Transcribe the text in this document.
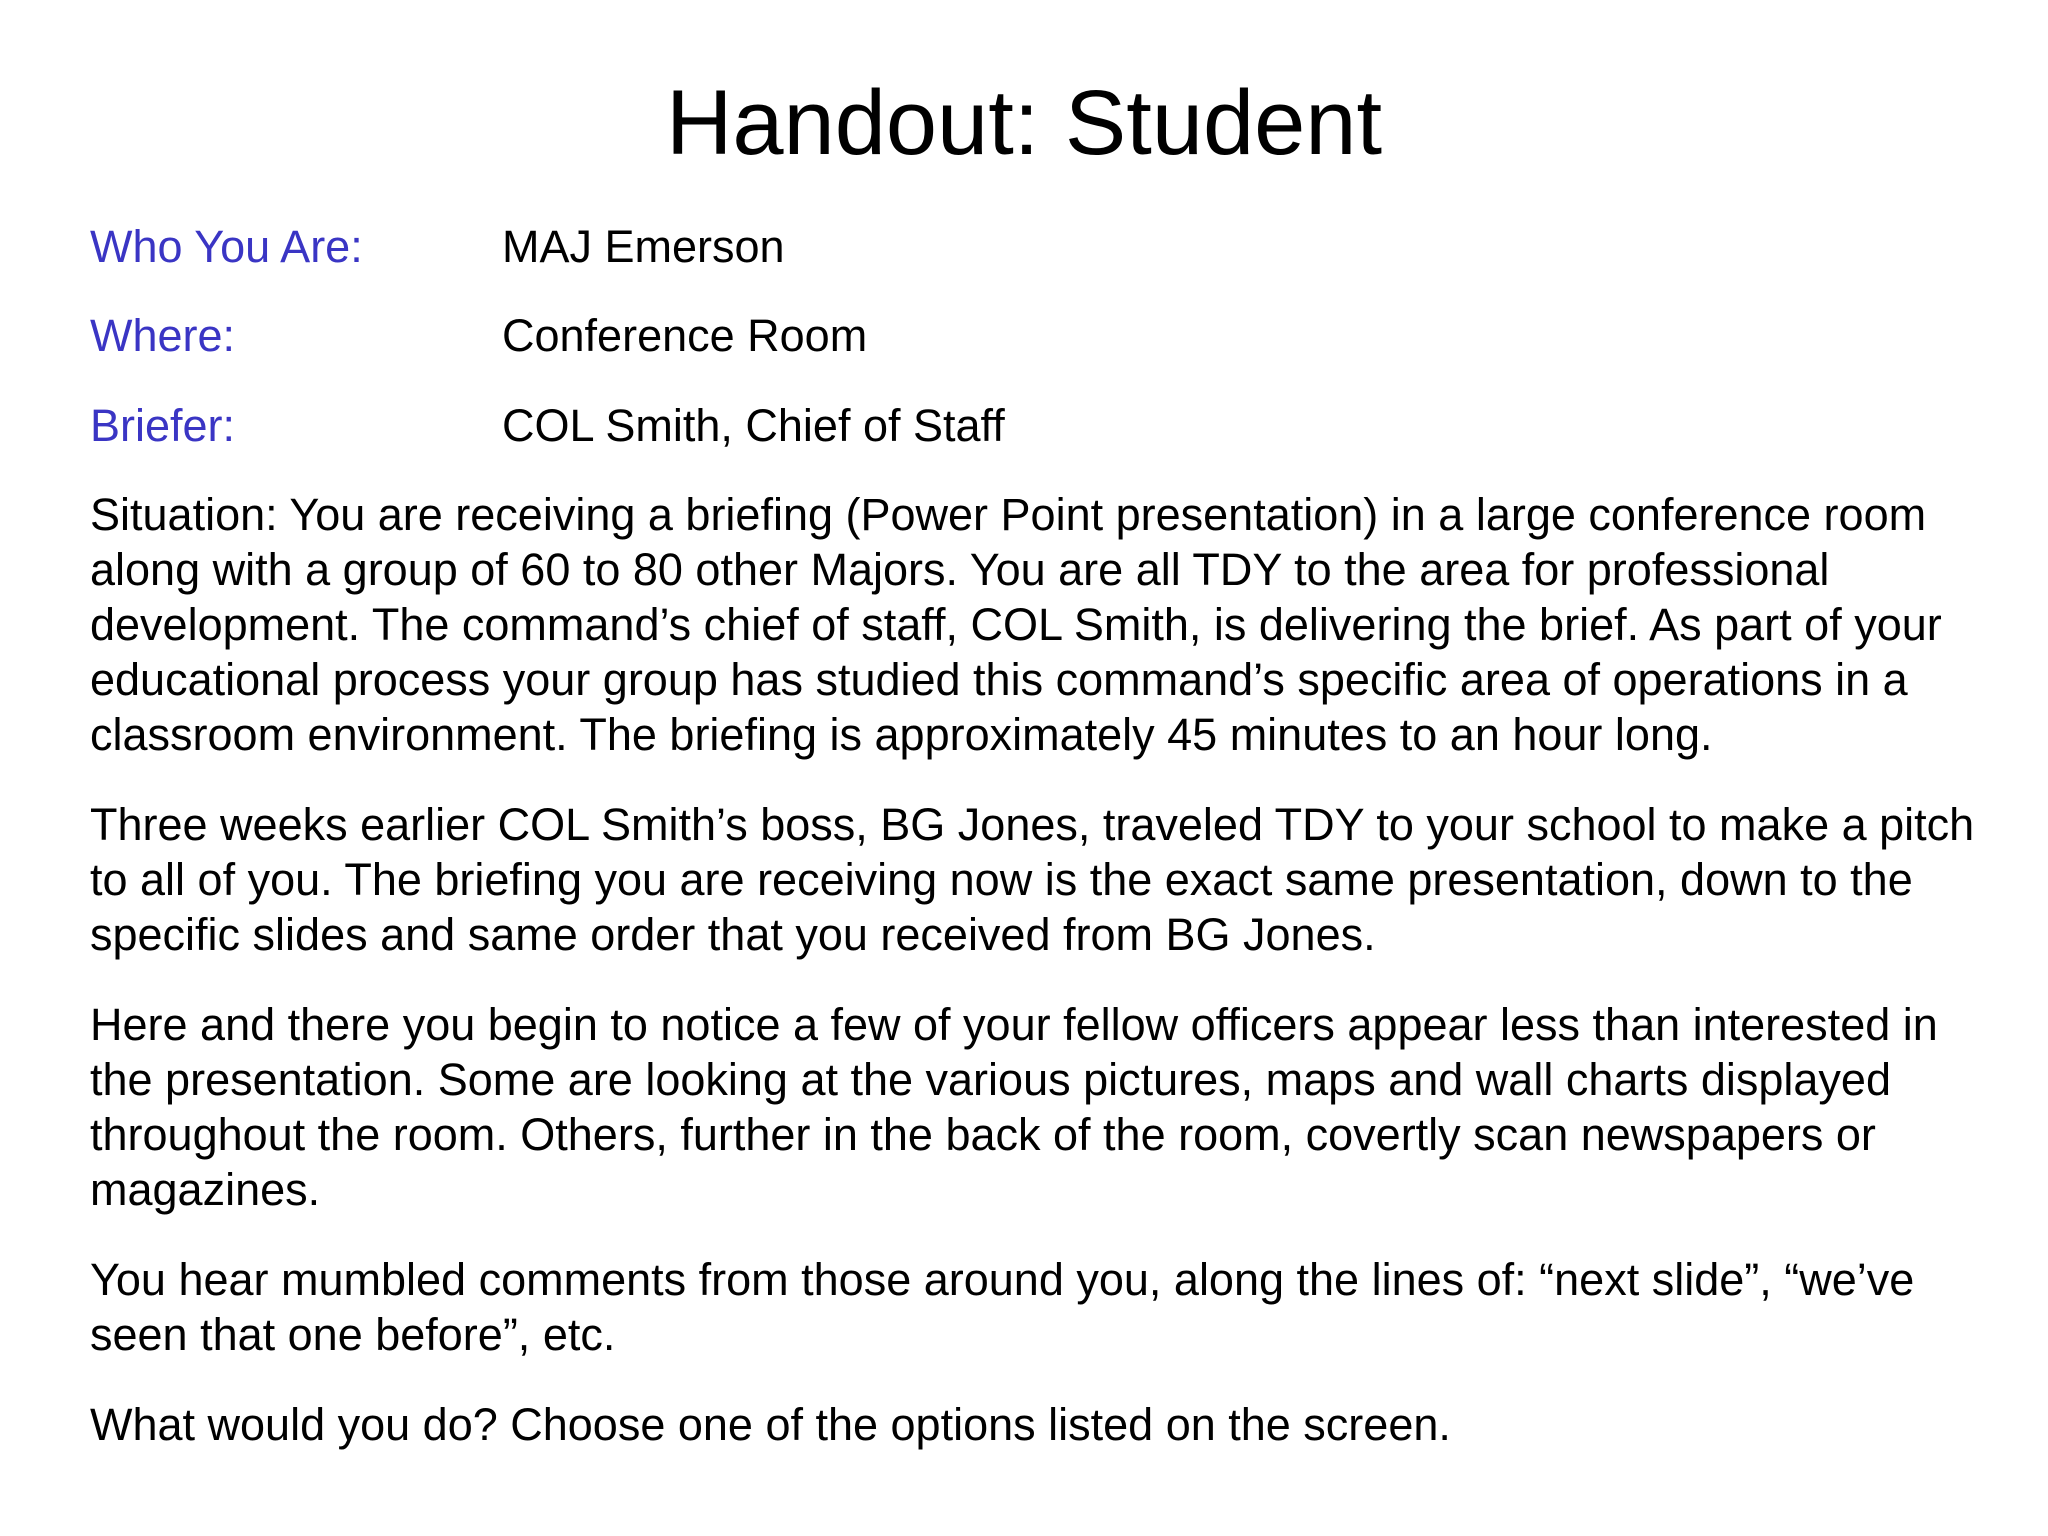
Handout: Student
Who You Are:	MAJ Emerson
Where:	Conference Room
Briefer:	COL Smith, Chief of Staff

Situation: You are receiving a briefing (Power Point presentation) in a large conference room along with a group of 60 to 80 other Majors. You are all TDY to the area for professional development. The command’s chief of staff, COL Smith, is delivering the brief. As part of your educational process your group has studied this command’s specific area of operations in a classroom environment. The briefing is approximately 45 minutes to an hour long.

Three weeks earlier COL Smith’s boss, BG Jones, traveled TDY to your school to make a pitch to all of you. The briefing you are receiving now is the exact same presentation, down to the specific slides and same order that you received from BG Jones.

Here and there you begin to notice a few of your fellow officers appear less than interested in the presentation. Some are looking at the various pictures, maps and wall charts displayed throughout the room. Others, further in the back of the room, covertly scan newspapers or magazines.

You hear mumbled comments from those around you, along the lines of: “next slide”, “we’ve seen that one before”, etc.

What would you do? Choose one of the options listed on the screen.
